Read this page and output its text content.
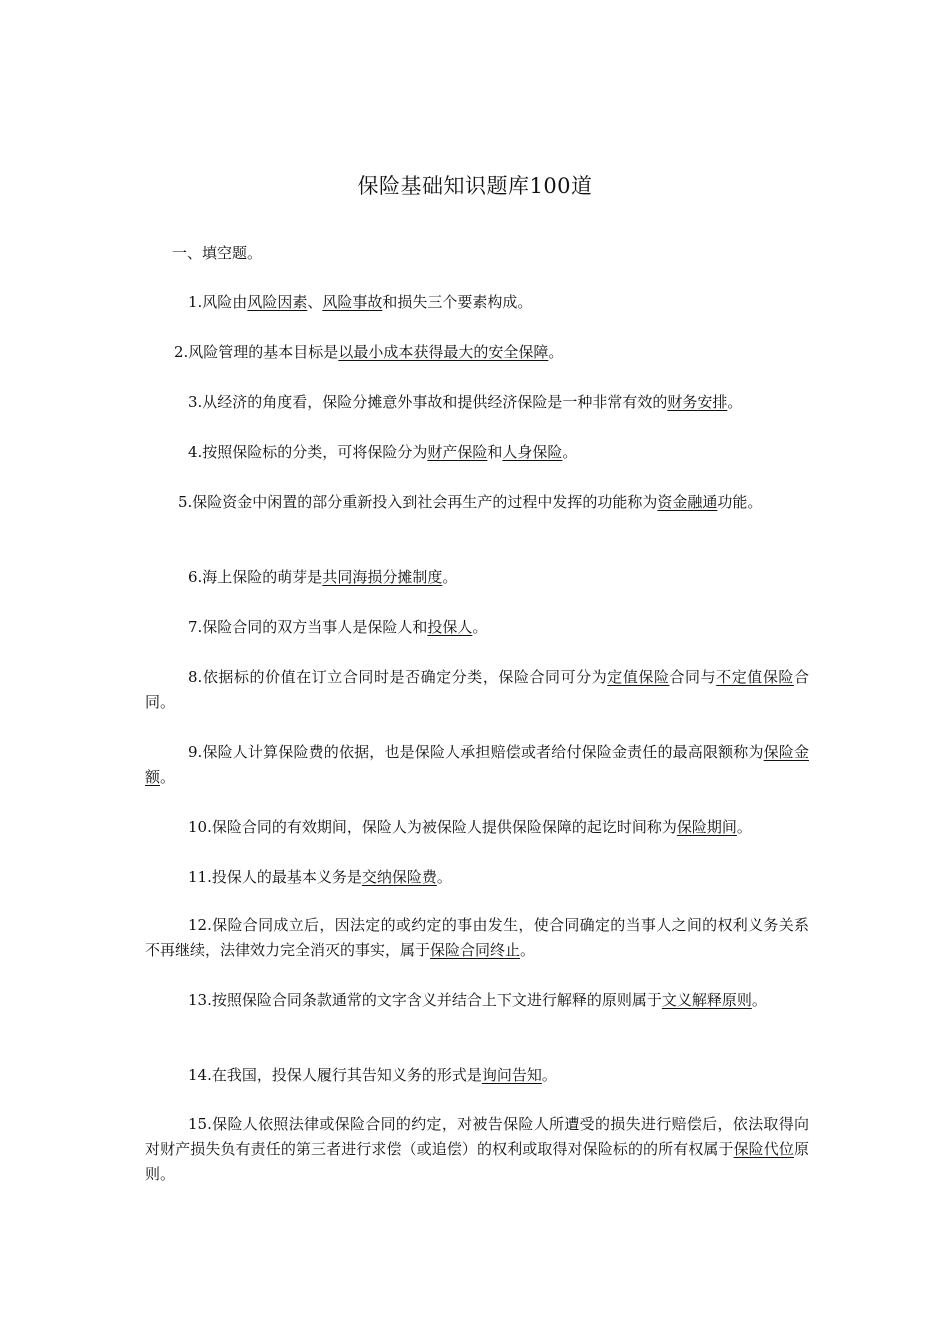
保险基础知识题库100道
一、填空题。
1.风险由风险因素、风险事故和损失三个要素构成。
2.风险管理的基本目标是以最小成本获得最大的安全保障。
3.从经济的角度看，保险分摊意外事故和提供经济保险是一种非常有效的财务安排。
4.按照保险标的分类，可将保险分为财产保险和人身保险。
5.保险资金中闲置的部分重新投入到社会再生产的过程中发挥的功能称为资金融通功能。
6.海上保险的萌芽是共同海损分摊制度。
7.保险合同的双方当事人是保险人和投保人。
8.依据标的价值在订立合同时是否确定分类，保险合同可分为定值保险合同与不定值保险合同。
9.保险人计算保险费的依据，也是保险人承担赔偿或者给付保险金责任的最高限额称为保险金额。
10.保险合同的有效期间，保险人为被保险人提供保险保障的起讫时间称为保险期间。
11.投保人的最基本义务是交纳保险费。
12.保险合同成立后，因法定的或约定的事由发生，使合同确定的当事人之间的权利义务关系不再继续，法律效力完全消灭的事实，属于保险合同终止。
13.按照保险合同条款通常的文字含义并结合上下文进行解释的原则属于文义解释原则。
14.在我国，投保人履行其告知义务的形式是询问告知。
15.保险人依照法律或保险合同的约定，对被告保险人所遭受的损失进行赔偿后，依法取得向对财产损失负有责任的第三者进行求偿（或追偿）的权利或取得对保险标的的所有权属于保险代位原则。
